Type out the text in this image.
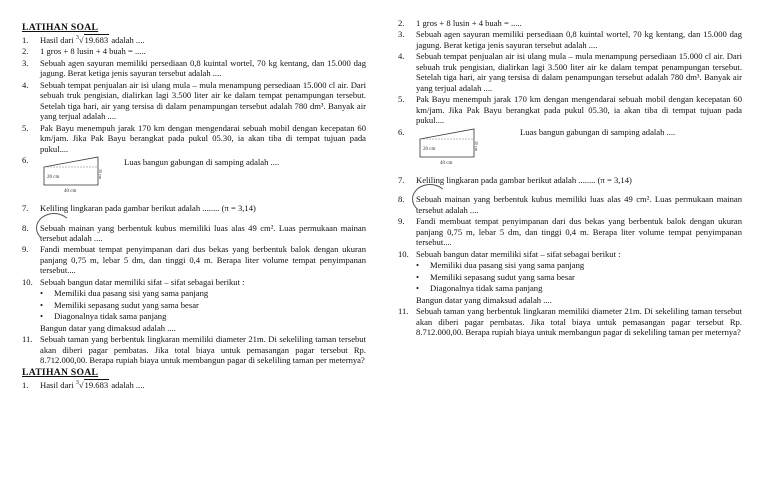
LATIHAN SOAL
1.	Hasil dari $^3$√19.683 adalah ....
2.	1 gros + 8 lusin + 4 buah = .....
3.	Sebuah agen sayuran memiliki persediaan 0,8 kuintal wortel, 70 kg kentang, dan 15.000 dag jagung. Berat ketiga jenis sayuran tersebut adalah ....
4.	Sebuah tempat penjualan air isi ulang mula – mula menampung persediaan 15.000 cl air. Dari sebuah truk pengisian, dialirkan lagi 3.500 liter air ke dalam tempat penampungan tersebut. Setelah tiga hari, air yang tersisa di dalam penampungan tersebut adalah 780 dm³. Banyak air yang terjual adalah ....
5.	Pak Bayu menempuh jarak 170 km dengan mengendarai sebuah mobil dengan kecepatan 60 km/jam. Jika Pak Bayu berangkat pada pukul 05.30, ia akan tiba di tempat tujuan pada pukul....
6.
20 cm
40 cm
30 cm
Luas bangun gabungan di samping adalah ....
7.	Keliling lingkaran pada gambar berikut adalah ........ (π = 3,14)
8.	Sebuah mainan yang berbentuk kubus memiliki luas alas 49 cm². Luas permukaan mainan tersebut adalah ....
9.	Fandi membuat tempat penyimpanan dari dus bekas yang berbentuk balok dengan ukuran panjang 0,75 m, lebar 5 dm, dan tinggi 0,4 m. Berapa liter volume tempat penyimpanan tersebut....
10. Sebuah bangun datar memiliki sifat – sifat sebagai berikut :
•	Memiliki dua pasang sisi yang sama panjang
•	Memiliki sepasang sudut yang sama besar
•	Diagonalnya tidak sama panjang
Bangun datar yang dimaksud adalah ....
11. Sebuah taman yang berbentuk lingkaran memiliki diameter 21m. Di sekeliling taman tersebut akan diberi pagar pembatas. Jika total biaya untuk pemasangan pagar tersebut Rp. 8.712.000,00. Berapa rupiah biaya untuk membangun pagar di sekeliling taman per meternya?
LATIHAN SOAL
1.	Hasil dari $^3$√19.683 adalah ....
2.	1 gros + 8 lusin + 4 buah = .....
3.	Sebuah agen sayuran memiliki persediaan 0,8 kuintal wortel, 70 kg kentang, dan 15.000 dag jagung. Berat ketiga jenis sayuran tersebut adalah ....
4.	Sebuah tempat penjualan air isi ulang mula – mula menampung persediaan 15.000 cl air. Dari sebuah truk pengisian, dialirkan lagi 3.500 liter air ke dalam tempat penampungan tersebut. Setelah tiga hari, air yang tersisa di dalam penampungan tersebut adalah 780 dm³. Banyak air yang terjual adalah ....
5.	Pak Bayu menempuh jarak 170 km dengan mengendarai sebuah mobil dengan kecepatan 60 km/jam. Jika Pak Bayu berangkat pada pukul 05.30, ia akan tiba di tempat tujuan pada pukul....
6.
20 cm
40 cm
30 cm
Luas bangun gabungan di samping adalah ....
7.	Keliling lingkaran pada gambar berikut adalah ........ (π = 3,14)
8.	Sebuah mainan yang berbentuk kubus memiliki luas alas 49 cm². Luas permukaan mainan tersebut adalah ....
9.	Fandi membuat tempat penyimpanan dari dus bekas yang berbentuk balok dengan ukuran panjang 0,75 m, lebar 5 dm, dan tinggi 0,4 m. Berapa liter volume tempat penyimpanan tersebut....
10. Sebuah bangun datar memiliki sifat – sifat sebagai berikut :
•	Memiliki dua pasang sisi yang sama panjang
•	Memiliki sepasang sudut yang sama besar
•	Diagonalnya tidak sama panjang
Bangun datar yang dimaksud adalah ....
11. Sebuah taman yang berbentuk lingkaran memiliki diameter 21m. Di sekeliling taman tersebut akan diberi pagar pembatas. Jika total biaya untuk pemasangan pagar tersebut Rp. 8.712.000,00. Berapa rupiah biaya untuk membangun pagar di sekeliling taman per meternya?
